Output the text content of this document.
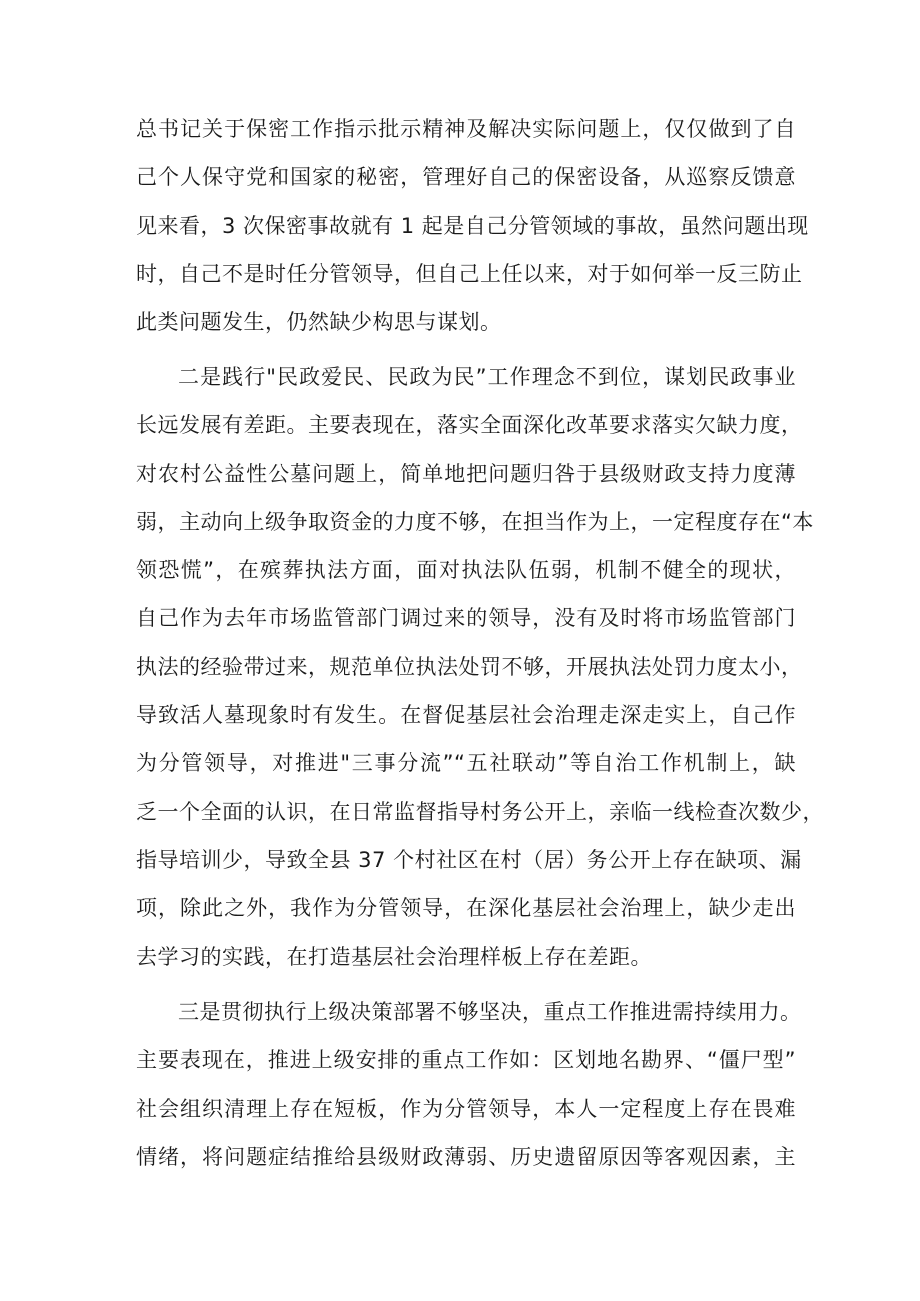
总书记关于保密工作指示批示精神及解决实际问题上，仅仅做到了自
己个人保守党和国家的秘密，管理好自己的保密设备，从巡察反馈意
见来看，3 次保密事故就有 1 起是自己分管领域的事故，虽然问题出现
时，自己不是时任分管领导，但自己上任以来，对于如何举一反三防止
此类问题发生，仍然缺少构思与谋划。
二是践行"民政爱民、民政为民”工作理念不到位，谋划民政事业
长远发展有差距。主要表现在，落实全面深化改革要求落实欠缺力度，
对农村公益性公墓问题上，简单地把问题归咎于县级财政支持力度薄
弱，主动向上级争取资金的力度不够，在担当作为上，一定程度存在“本
领恐慌”，在殡葬执法方面，面对执法队伍弱，机制不健全的现状，
自己作为去年市场监管部门调过来的领导，没有及时将市场监管部门
执法的经验带过来，规范单位执法处罚不够，开展执法处罚力度太小，
导致活人墓现象时有发生。在督促基层社会治理走深走实上，自己作
为分管领导，对推进"三事分流”“五社联动”等自治工作机制上，缺
乏一个全面的认识，在日常监督指导村务公开上，亲临一线检查次数少，
指导培训少，导致全县 37 个村社区在村（居）务公开上存在缺项、漏
项，除此之外，我作为分管领导，在深化基层社会治理上，缺少走出
去学习的实践，在打造基层社会治理样板上存在差距。
三是贯彻执行上级决策部署不够坚决，重点工作推进需持续用力。
主要表现在，推进上级安排的重点工作如：区划地名勘界、“僵尸型”
社会组织清理上存在短板，作为分管领导，本人一定程度上存在畏难
情绪，将问题症结推给县级财政薄弱、历史遗留原因等客观因素，主
